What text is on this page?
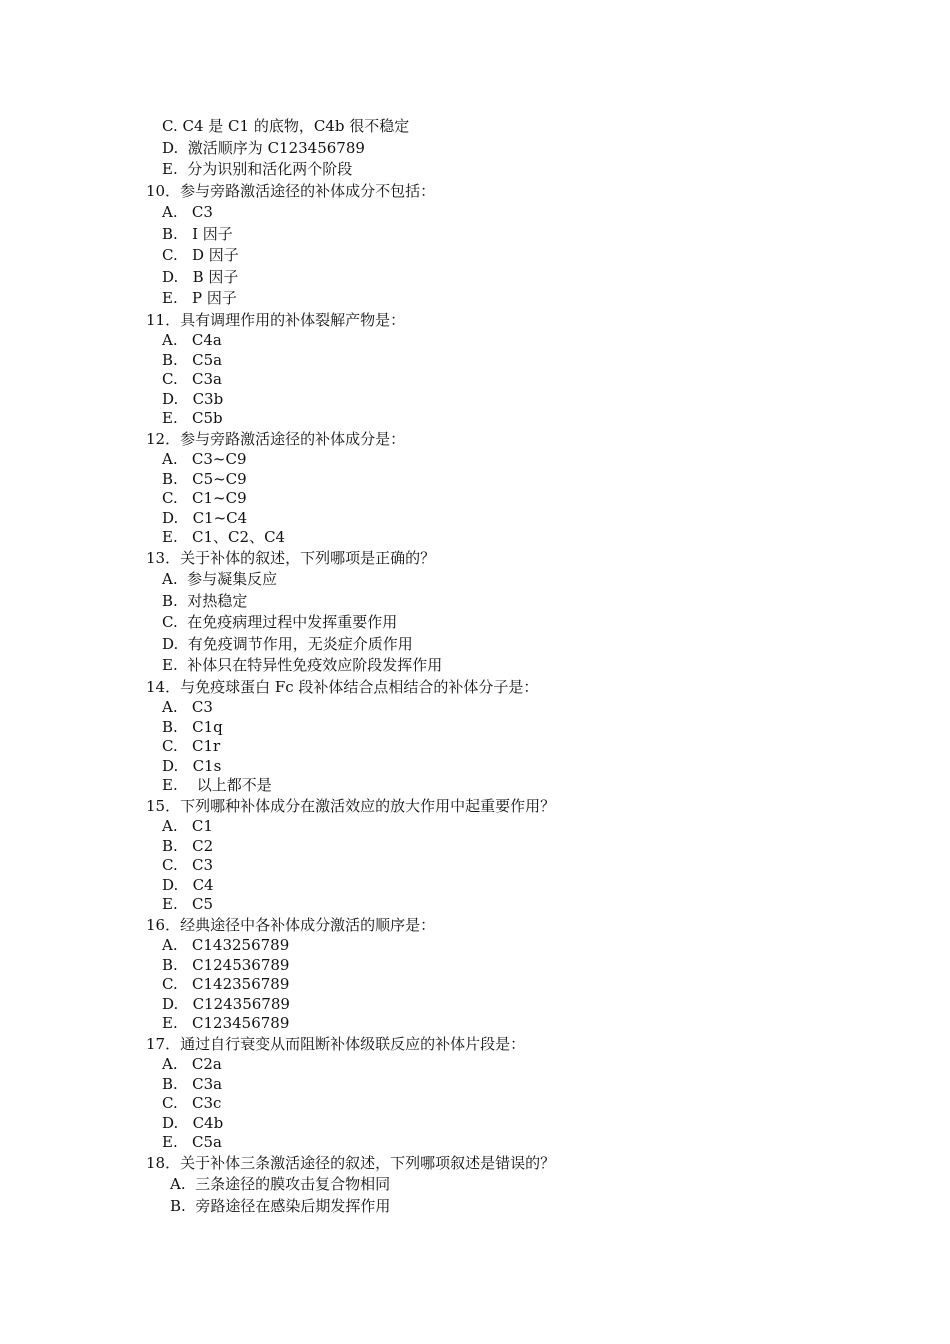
C. C4 是 C1 的底物，C4b 很不稳定
D.  激活顺序为 C123456789
E.  分为识别和活化两个阶段
10．参与旁路激活途径的补体成分不包括：
A.   C3
B.   I 因子
C.   D 因子
D.   B 因子
E.   P 因子
11．具有调理作用的补体裂解产物是：
A.   C4a
B.   C5a
C.   C3a
D.   C3b
E.   C5b
12．参与旁路激活途径的补体成分是：
A.   C3~C9
B.   C5~C9
C.   C1~C9
D.   C1~C4
E.   C1、C2、C4
13．关于补体的叙述，下列哪项是正确的？
A.  参与凝集反应
B.  对热稳定
C.  在免疫病理过程中发挥重要作用
D.  有免疫调节作用，无炎症介质作用
E.  补体只在特异性免疫效应阶段发挥作用
14．与免疫球蛋白 Fc 段补体结合点相结合的补体分子是：
A.   C3
B.   C1q
C.   C1r
D.   C1s
E.    以上都不是
15．下列哪种补体成分在激活效应的放大作用中起重要作用？
A.   C1
B.   C2
C.   C3
D.   C4
E.   C5
16．经典途径中各补体成分激活的顺序是：
A.   C143256789
B.   C124536789
C.   C142356789
D.   C124356789
E.   C123456789
17．通过自行衰变从而阻断补体级联反应的补体片段是：
A.   C2a
B.   C3a
C.   C3c
D.   C4b
E.   C5a
18．关于补体三条激活途径的叙述，下列哪项叙述是错误的？
A.  三条途径的膜攻击复合物相同
B.  旁路途径在感染后期发挥作用
